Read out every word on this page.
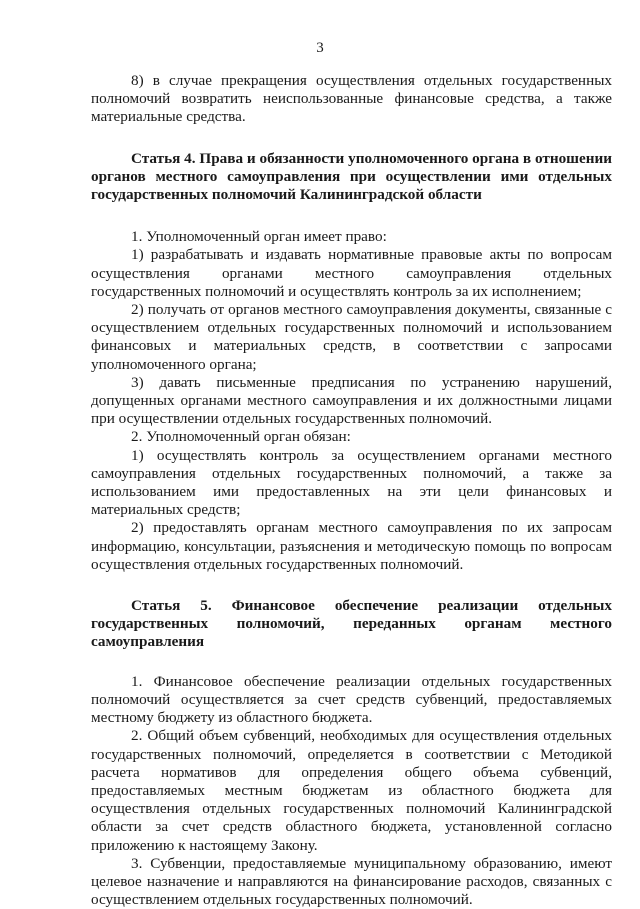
3

8) в случае прекращения осуществления отдельных государственных полномочий возвратить неиспользованные финансовые средства, а также материальные средства.

Статья 4. Права и обязанности уполномоченного органа в отношении органов местного самоуправления при осуществлении ими отдельных государственных полномочий Калининградской области

1. Уполномоченный орган имеет право:

1) разрабатывать и издавать нормативные правовые акты по вопросам осуществления органами местного самоуправления отдельных государственных полномочий и осуществлять контроль за их исполнением;

2) получать от органов местного самоуправления документы, связанные с осуществлением отдельных государственных полномочий и использованием финансовых и материальных средств, в соответствии с запросами уполномоченного органа;

3) давать письменные предписания по устранению нарушений, допущенных органами местного самоуправления и их должностными лицами при осуществлении отдельных государственных полномочий.

2. Уполномоченный орган обязан:

1) осуществлять контроль за осуществлением органами местного самоуправления отдельных государственных полномочий, а также за использованием ими предоставленных на эти цели финансовых и материальных средств;

2) предоставлять органам местного самоуправления по их запросам информацию, консультации, разъяснения и методическую помощь по вопросам осуществления отдельных государственных полномочий.

Статья 5. Финансовое обеспечение реализации отдельных государственных полномочий, переданных органам местного самоуправления

1. Финансовое обеспечение реализации отдельных государственных полномочий осуществляется за счет средств субвенций, предоставляемых местному бюджету из областного бюджета.

2. Общий объем субвенций, необходимых для осуществления отдельных государственных полномочий, определяется в соответствии с Методикой расчета нормативов для определения общего объема субвенций, предоставляемых местным бюджетам из областного бюджета для осуществления отдельных государственных полномочий Калининградской области за счет средств областного бюджета, установленной согласно приложению к настоящему Закону.

3. Субвенции, предоставляемые муниципальному образованию, имеют целевое назначение и направляются на финансирование расходов, связанных с осуществлением отдельных государственных полномочий.
